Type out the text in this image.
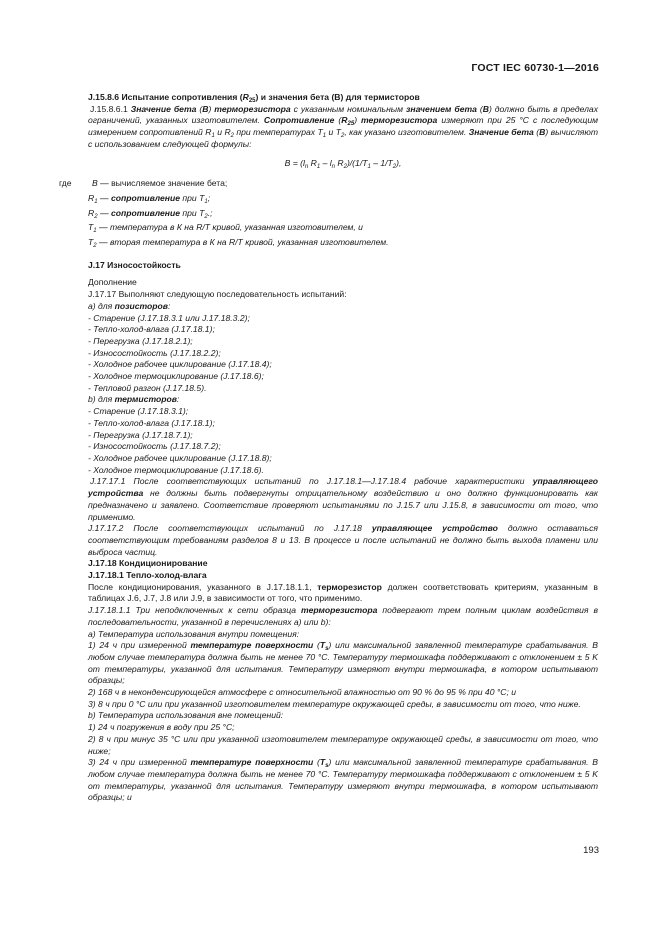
ГОСТ IEC 60730-1—2016

J.15.8.6 Испытание сопротивления $(R_{25})$ и значения бета (B) для термисторов

J.15.8.6.1 Значение бета (B) терморезистора с указанным номинальным значением бета (B) должно быть в пределах ограничений, указанных изготовителем. Сопротивление $(R_{25})$ терморезистора измеряют при 25 °С с последующим измерением сопротивлений $R_1$ и $R_2$ при температурах $T_1$ и $T_2$, как указано изготовителем. Значение бета (B) вычисляют с использованием следующей формулы:

$B = (l_n$ $R_1 - l_n$ $R_2)/(1/T_1 - 1/T_2)$,

где	B — вычисляемое значение бета;

$R_1$ — сопротивление при $T_1$;

$R_2$ — сопротивление при $T_2$.;

$T_1$ — температура в К на R/T кривой, указанная изготовителем, и

$T_2$ — вторая температура в К на R/T кривой, указанная изготовителем.

J.17 Износостойкость

Дополнение

J.17.17 Выполняют следующую последовательность испытаний:

a) для позисторов:

- Старение (J.17.18.3.1 или J.17.18.3.2);

- Тепло-холод-влага (J.17.18.1);

- Перегрузка (J.17.18.2.1);

- Износостойкость (J.17.18.2.2);

- Холодное рабочее циклирование (J.17.18.4);

- Холодное термоциклирование (J.17.18.6);

- Тепловой разгон (J.17.18.5).

b) для термисторов:

- Старение (J.17.18.3.1);

- Тепло-холод-влага (J.17.18.1);

- Перегрузка (J.17.18.7.1);

- Износостойкость (J.17.18.7.2);

- Холодное рабочее циклирование (J.17.18.8);

- Холодное термоциклирование (J.17.18.6).

J.17.17.1 После соответствующих испытаний по J.17.18.1—J.17.18.4 рабочие характеристики управляющего устройства не должны быть подвергнуты отрицательному воздействию и оно должно функционировать как предназначено и заявлено. Соответствие проверяют испытаниями по J.15.7 или J.15.8, в зависимости от того, что применимо.

J.17.17.2 После соответствующих испытаний по J.17.18 управляющее устройство должно оставаться соответствующим требованиям разделов 8 и 13. В процессе и после испытаний не должно быть выхода пламени или выброса частиц.

J.17.18 Кондиционирование

J.17.18.1 Тепло-холод-влага

После кондиционирования, указанного в J.17.18.1.1, терморезистор должен соответствовать критериям, указанным в таблицах J.6, J.7, J.8 или J.9, в зависимости от того, что применимо.

J.17.18.1.1 Три неподключенных к сети образца терморезистора подвергают трем полным циклам воздействия в последовательности, указанной в перечислениях a) или b):

a) Температура использования внутри помещения:

1) 24 ч при измеренной температуре поверхности $(T_s)$ или максимальной заявленной температуре срабатывания. В любом случае температура должна быть не менее 70 °С. Температуру термошкафа поддерживают с отклонением ± 5 K от температуры, указанной для испытания. Температуру измеряют внутри термошкафа, в котором испытывают образцы;

2) 168 ч в неконденсирующейся атмосфере с относительной влажностью от 90 % до 95 % при 40 °С; и

3) 8 ч при 0 °С или при указанной изготовителем температуре окружающей среды, в зависимости от того, что ниже.

b) Температура использования вне помещений:

1) 24 ч погружения в воду при 25 °С;

2) 8 ч при минус 35 °С или при указанной изготовителем температуре окружающей среды, в зависимости от того, что ниже;

3) 24 ч при измеренной температуре поверхности $(T_s)$ или максимальной заявленной температуре срабатывания. В любом случае температура должна быть не менее 70 °С. Температуру термошкафа поддерживают с отклонением ± 5 K от температуры, указанной для испытания. Температуру измеряют внутри термошкафа, в котором испытывают образцы; и

193
